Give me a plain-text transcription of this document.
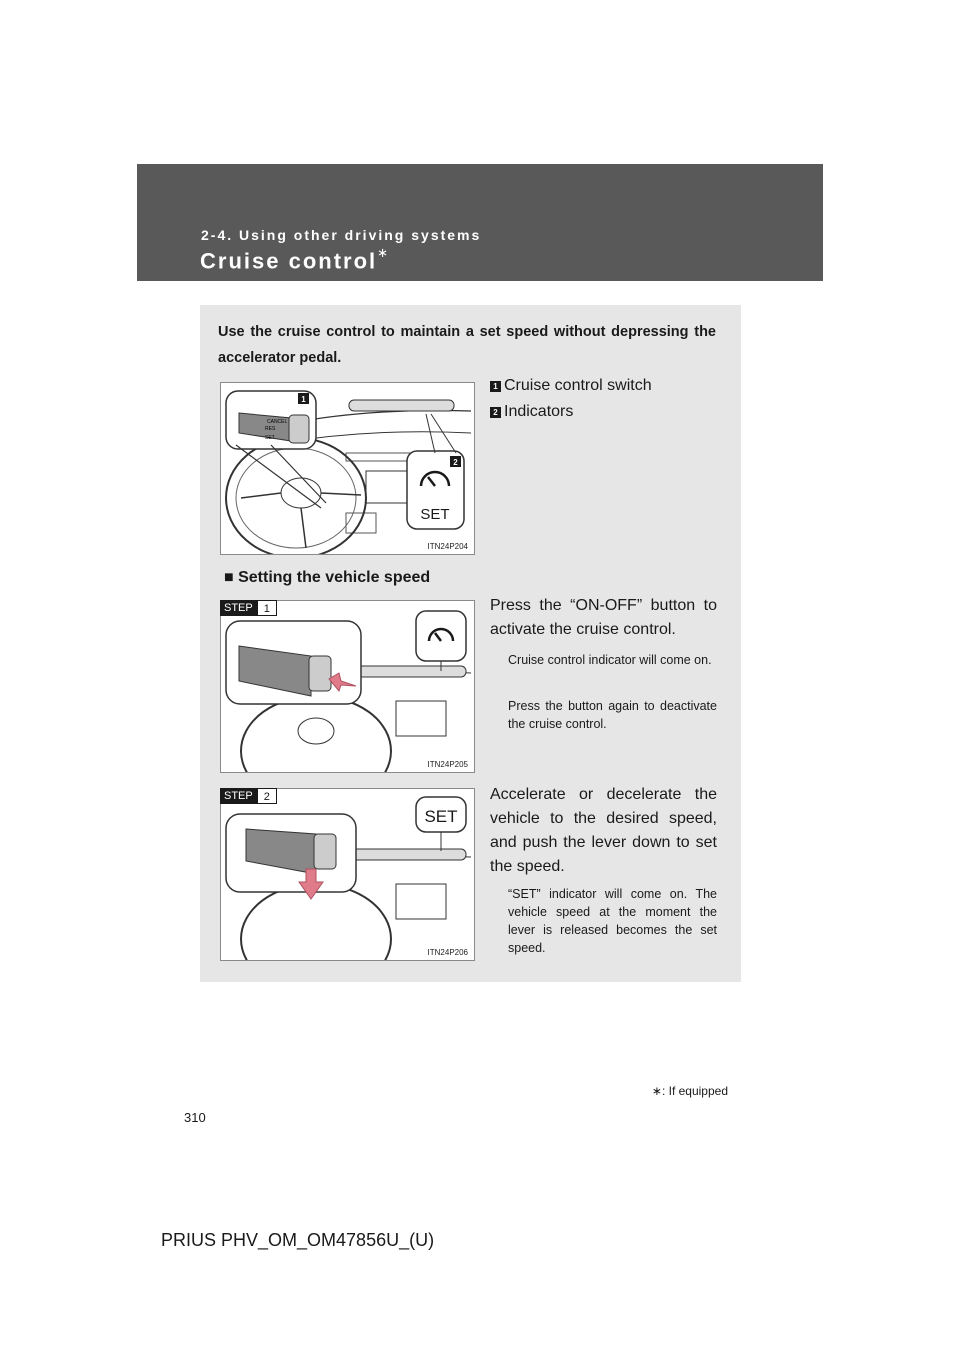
2-4. Using other driving systems
Cruise control∗
Use the cruise control to maintain a set speed without depressing the accelerator pedal.
CANCEL
RES
SET
1
SET
2
ITN24P204
1 Cruise control switch
2 Indicators
■ Setting the vehicle speed
ITN24P205
STEP	1	Press the “ON-OFF” button to activate the cruise control.
Cruise control indicator will come on.
Press the button again to deactivate the cruise control.
SET
ITN24P206
STEP	2	Accelerate or decelerate the vehicle to the desired speed, and push the lever down to set the speed.
“SET” indicator will come on. The vehicle speed at the moment the lever is released becomes the set speed.
∗: If equipped
310
PRIUS PHV_OM_OM47856U_(U)
